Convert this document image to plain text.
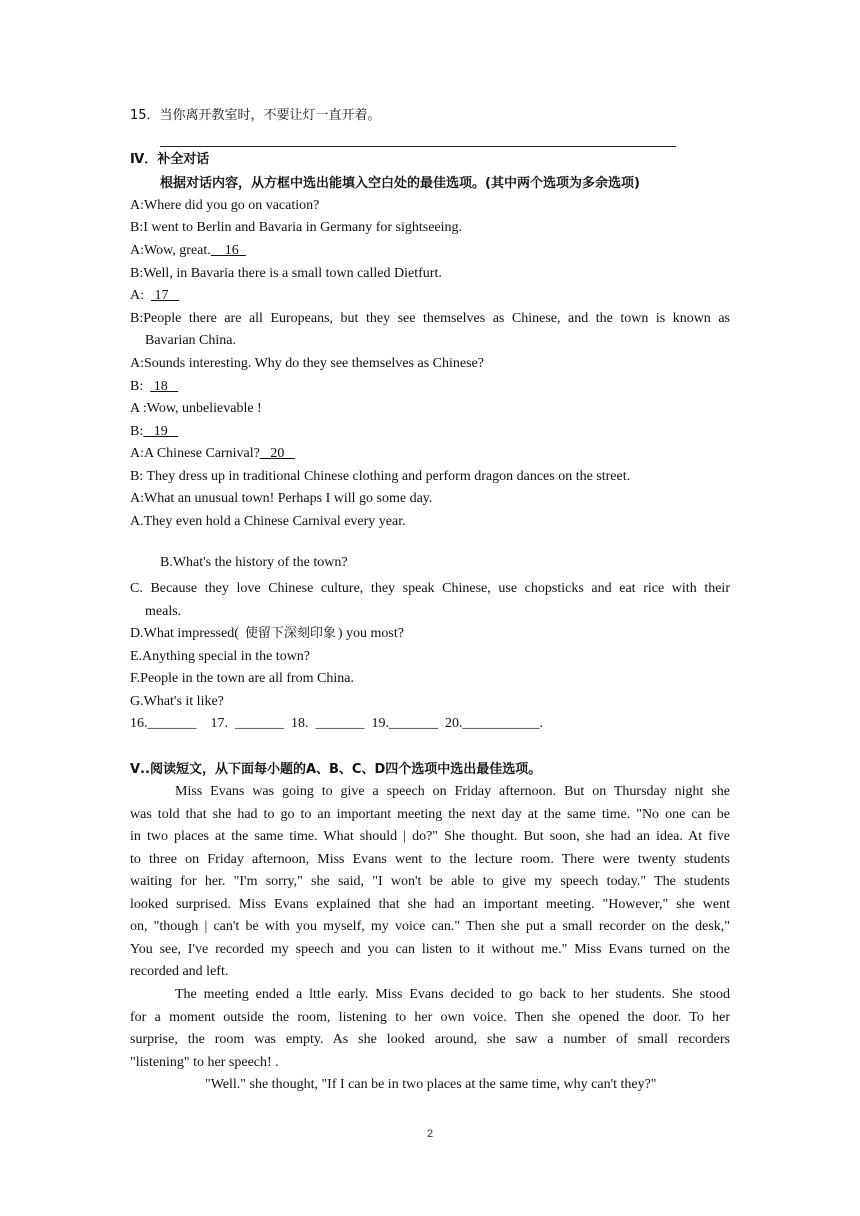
15．当你离开教室时，不要让灯一直开着。
Ⅳ．补全对话
根据对话内容，从方框中选出能填入空白处的最佳选项。(其中两个选项为多余选项)
A:Where did you go on vacation?
B:I went to Berlin and Bavaria in Germany for sightseeing.
A:Wow, great.    16
B:Well, in Bavaria there is a small town called Dietfurt.
A:   17
B:People there are all Europeans, but they see themselves as Chinese, and the town is known as
Bavarian China.
A:Sounds interesting. Why do they see themselves as Chinese?
B:   18
A :Wow, unbelievable !
B:   19
A:A Chinese Carnival?   20
B: They dress up in traditional Chinese clothing and perform dragon dances on the street.
A:What an unusual town! Perhaps I will go some day.
A.They even hold a Chinese Carnival every year.
B.What's the history of the town?
C. Because they love Chinese culture, they speak Chinese, use chopsticks and eat rice with their
meals.
D.What impressed( 使留下深刻印象 ) you most?
E.Anything special in the town?
F.People in the town are all from China.
G.What's it like?
16._______    17.  _______  18.  _______  19._______  20.___________.
Ⅴ..阅读短文，从下面每小题的A、B、C、D四个选项中选出最佳选项。
Miss Evans was going to give a speech on Friday afternoon. But on Thursday night she
was told that she had to go to an important meeting the next day at the same time. "No one can be
in two places at the same time. What should | do?" She thought. But soon, she had an idea. At five
to three on Friday afternoon, Miss Evans went to the lecture room. There were twenty students
waiting for her. "I'm sorry," she said, "I won't be able to give my speech today." The students
looked surprised. Miss Evans explained that she had an important meeting. "However," she went
on, "though | can't be with you myself, my voice can." Then she put a small recorder on the desk,"
You see, I've recorded my speech and you can listen to it without me." Miss Evans turned on the
recorded and left.
The meeting ended a lttle early. Miss Evans decided to go back to her students. She stood
for a moment outside the room, listening to her own voice. Then she opened the door. To her
surprise, the room was empty. As she looked around, she saw a number of small recorders
"listening" to her speech! .
"Well." she thought, "If I can be in two places at the same time, why can't they?"
2
